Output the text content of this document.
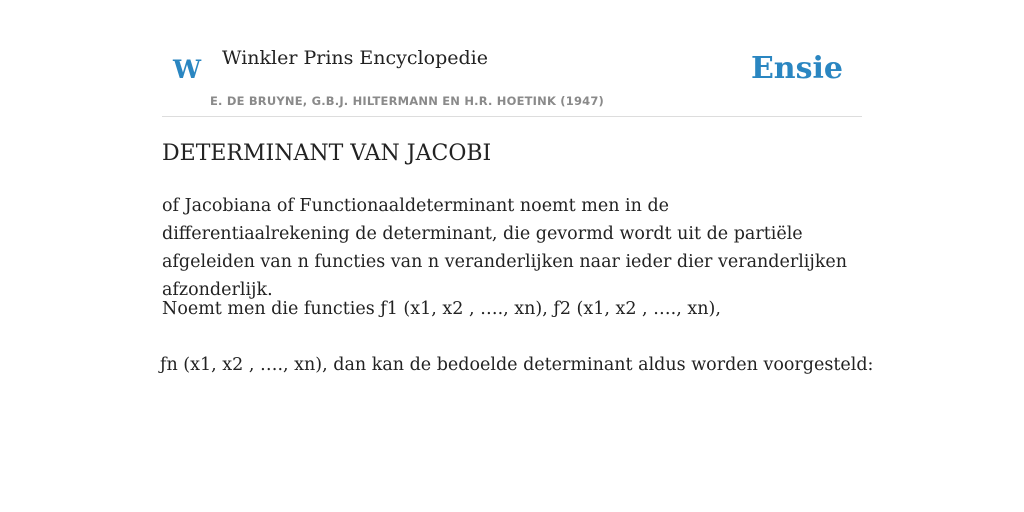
W Winkler Prins Encyclopedie
E. DE BRUYNE, G.B.J. HILTERMANN EN H.R. HOETINK (1947)
Ensie
DETERMINANT VAN JACOBI

of Jacobiana of Functionaaldeterminant noemt men in de differentiaalrekening de determinant, die gevormd wordt uit de partiële afgeleiden van n functies van n veranderlijken naar ieder dier veranderlijken afzonderlijk.

Noemt men die functies ƒ1 (x1, x2 , …., xn), ƒ2 (x1, x2 , …., xn),

ƒn (x1, x2 , …., xn), dan kan de bedoelde determinant aldus worden voorgesteld:
